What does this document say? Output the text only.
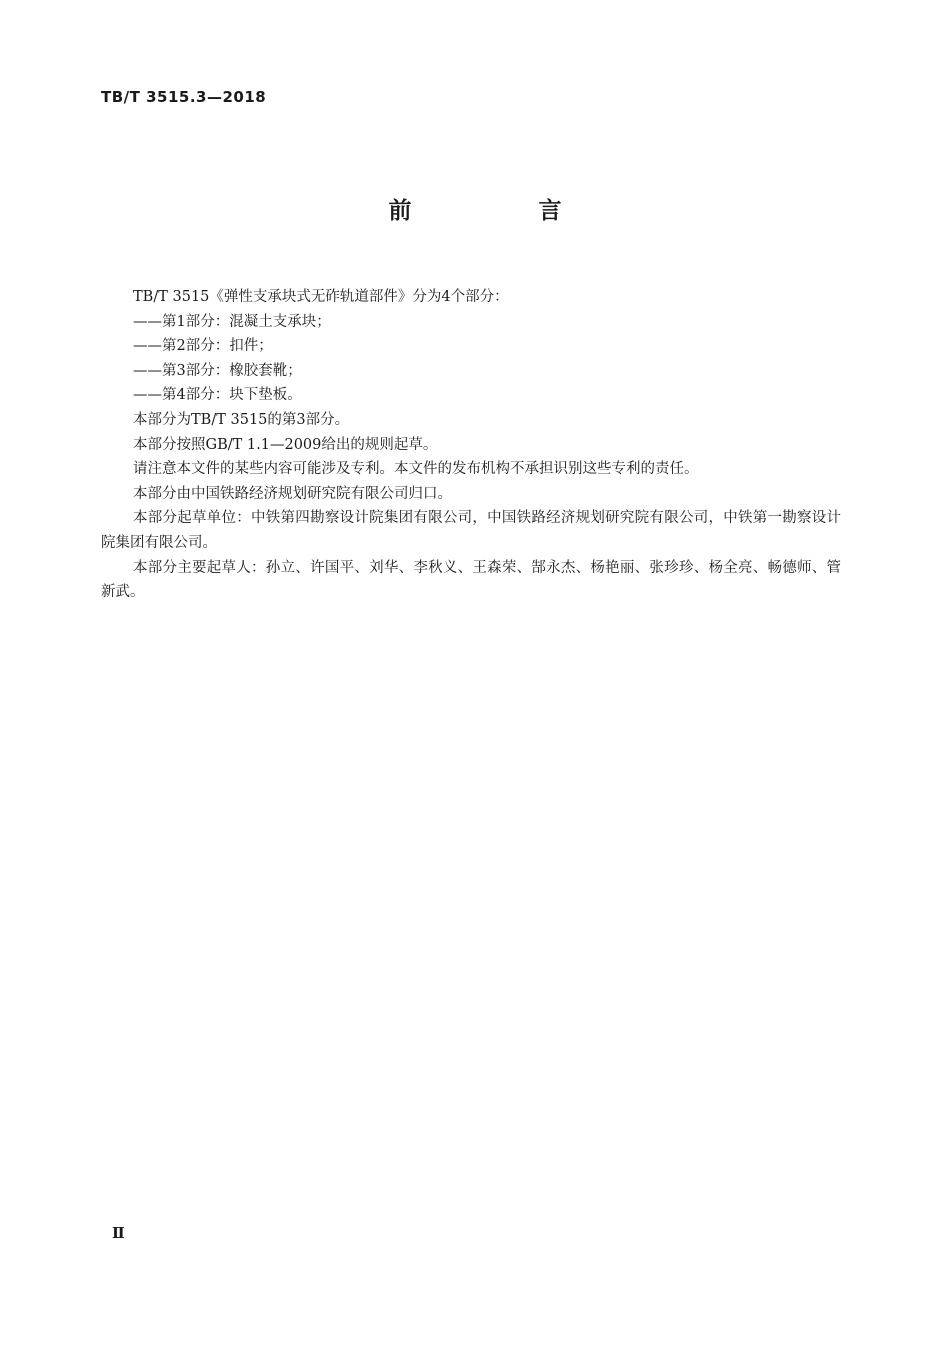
TB/T 3515.3—2018
前　言

TB/T 3515《弹性支承块式无砟轨道部件》分为4个部分：

——第1部分：混凝土支承块；

——第2部分：扣件；

——第3部分：橡胶套靴；

——第4部分：块下垫板。

本部分为TB/T 3515的第3部分。

本部分按照GB/T 1.1—2009给出的规则起草。

请注意本文件的某些内容可能涉及专利。本文件的发布机构不承担识别这些专利的责任。

本部分由中国铁路经济规划研究院有限公司归口。

本部分起草单位：中铁第四勘察设计院集团有限公司，中国铁路经济规划研究院有限公司，中铁第一勘察设计院集团有限公司。

本部分主要起草人：孙立、许国平、刘华、李秋义、王森荣、郜永杰、杨艳丽、张珍珍、杨全亮、畅德师、管新武。

Ⅱ
